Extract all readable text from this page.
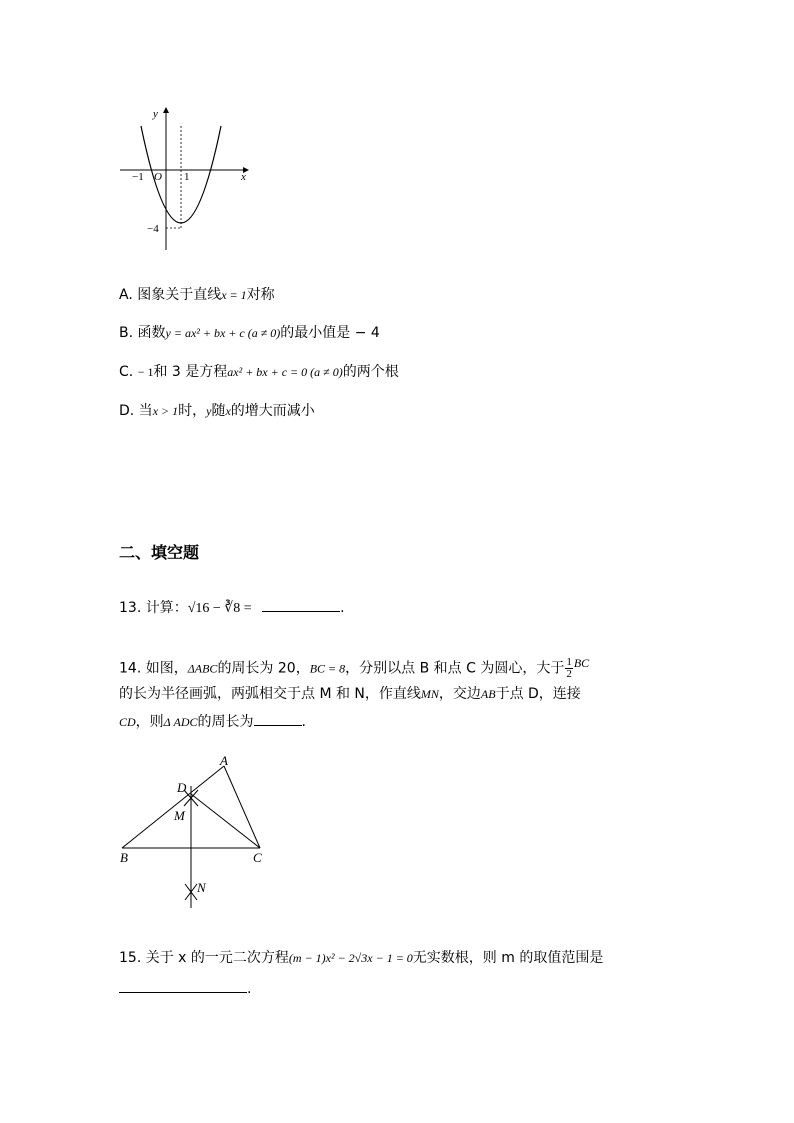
y
x
O
−1	1
−4
A. 图象关于直线x = 1对称
B. 函数y = ax² + bx + c (a ≠ 0)的最小值是 − 4
C. − 1和 3 是方程ax² + bx + c = 0 (a ≠ 0)的两个根
D. 当x > 1时，y随x的增大而减小
二、填空题
13. 计算：√16 − ∛8 =	.
14. 如图，ΔABC的周长为 20，BC = 8，分别以点 B 和点 C 为圆心，大于 $\frac{1}{2}$ BC
的长为半径画弧，两弧相交于点 M 和 N，作直线MN，交边AB于点 D，连接
CD，则Δ ADC的周长为	.
A
B	C
D
M
N
15. 关于 x 的一元二次方程(m − 1)x² − 2√3x − 1 = 0无实数根，则 m 的取值范围是
.
